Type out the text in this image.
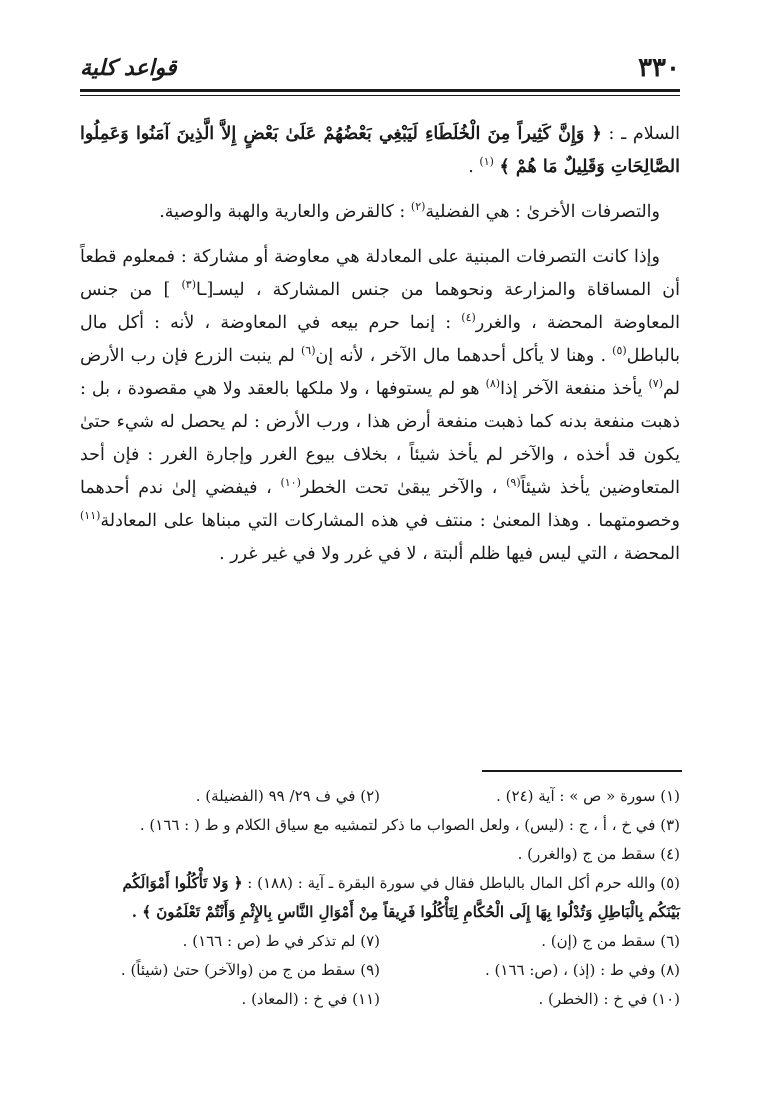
٣٣٠
قواعد كلية

السلام ـ : ﴿ وَإِنَّ كَثِيراً مِنَ الْخُلَطَاءِ لَيَبْغِي بَعْضُهُمْ عَلَىٰ بَعْضٍ إِلاَّ الَّذِينَ آمَنُوا وَعَمِلُوا الصَّالِحَاتِ وَقَلِيلٌ مَا هُمْ ﴾ $^{(١)}$ .

والتصرفات الأخرىٰ : هي الفضلية$^{(٢)}$ : كالقرض والعارية والهبة والوصية.

وإذا كانت التصرفات المبنية على المعادلة هي معاوضة أو مشاركة : فمعلوم قطعاً أن المساقاة والمزارعة ونحوهما من جنس المشاركة ، ليسـ[ـا$^{(٣)}$ ] من جنس المعاوضة المحضة ، والغرر$^{(٤)}$ : إنما حرم بيعه في المعاوضة ، لأنه : أكل مال بالباطل$^{(٥)}$ . وهنا لا يأكل أحدهما مال الآخر ، لأنه إن$^{(٦)}$ لم ينبت الزرع فإن رب الأرض لم$^{(٧)}$ يأخذ منفعة الآخر إذا$^{(٨)}$ هو لم يستوفها ، ولا ملكها بالعقد ولا هي مقصودة ، بل : ذهبت منفعة بدنه كما ذهبت منفعة أرض هذا ، ورب الأرض : لم يحصل له شيء حتىٰ يكون قد أخذه ، والآخر لم يأخذ شيئاً ، بخلاف بيوع الغرر وإجارة الغرر : فإن أحد المتعاوضين يأخذ شيئاً$^{(٩)}$ ، والآخر يبقىٰ تحت الخطر$^{(١٠)}$ ، فيفضي إلىٰ ندم أحدهما وخصومتهما . وهذا المعنىٰ : منتف في هذه المشاركات التي مبناها على المعادلة$^{(١١)}$ المحضة ، التي ليس فيها ظلم ألبتة ، لا في غرر ولا في غير غرر .

(١) سورة « ص » : آية (٢٤) .
(٢) في ف ٢٩/ ٩٩ (الفضيلة) .
(٣) في خ ، أ ، ج : (ليس) ، ولعل الصواب ما ذكر لتمشيه مع سياق الكلام و ط ( : ١٦٦) .
(٤) سقط من ج (والغرر) .
(٥) والله حرم أكل المال بالباطل فقال في سورة البقرة ـ آية : (١٨٨) : ﴿ وَلا تَأْكُلُوا أَمْوَالَكُم
بَيْنَكُم بِالْبَاطِلِ وَتُدْلُوا بِهَا إِلَى الْحُكَّامِ لِتَأْكُلُوا فَرِيقاً مِنْ أَمْوَالِ النَّاسِ بِالإِثْمِ وَأَنْتُمْ تَعْلَمُونَ ﴾ .
(٦) سقط من ج (إن) .
(٧) لم تذكر في ط (ص : ١٦٦) .
(٨) وفي ط : (إذ) ، (ص: ١٦٦) .
(٩) سقط من ج من (والآخر) حتىٰ (شيئاً) .
(١٠) في خ : (الخطر) .
(١١) في خ : (المعاد) .
